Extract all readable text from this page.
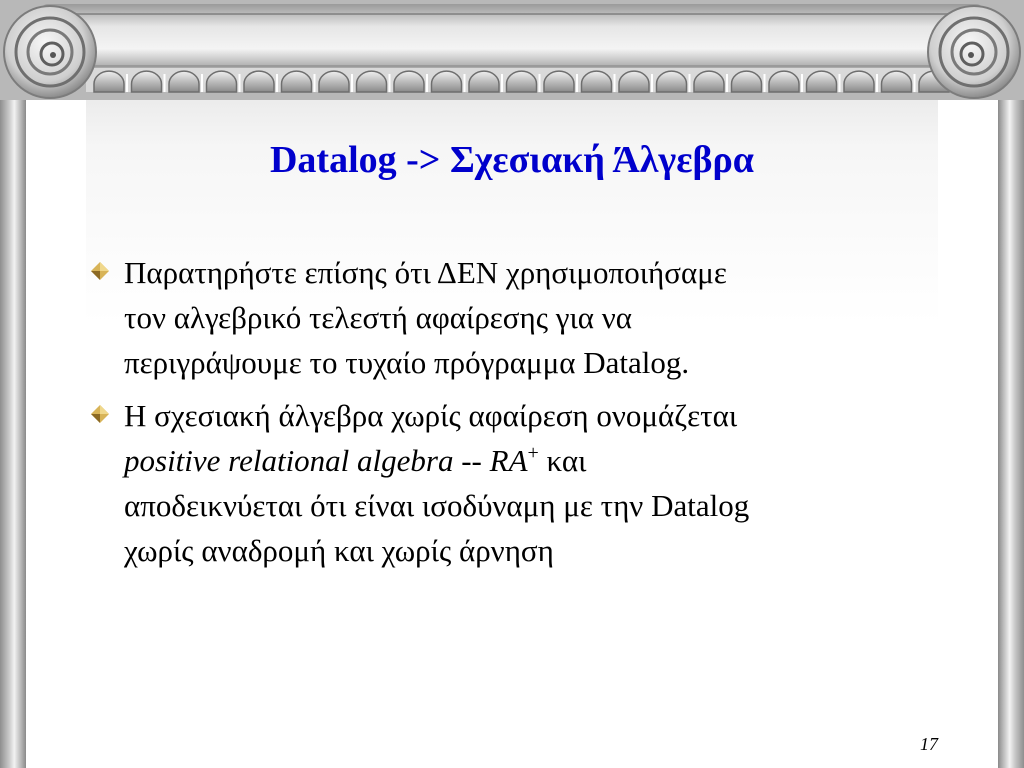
Datalog -> Σχεσιακή Άλγεβρα
Παρατηρήστε επίσης ότι ΔΕΝ χρησιμοποιήσαμε
τον αλγεβρικό τελεστή αφαίρεσης για να
περιγράψουμε το τυχαίο πρόγραμμα Datalog.
Η σχεσιακή άλγεβρα χωρίς αφαίρεση ονομάζεται
positive relational algebra -- RA+ και
αποδεικνύεται ότι είναι ισοδύναμη με την Datalog
χωρίς αναδρομή και χωρίς άρνηση
17
